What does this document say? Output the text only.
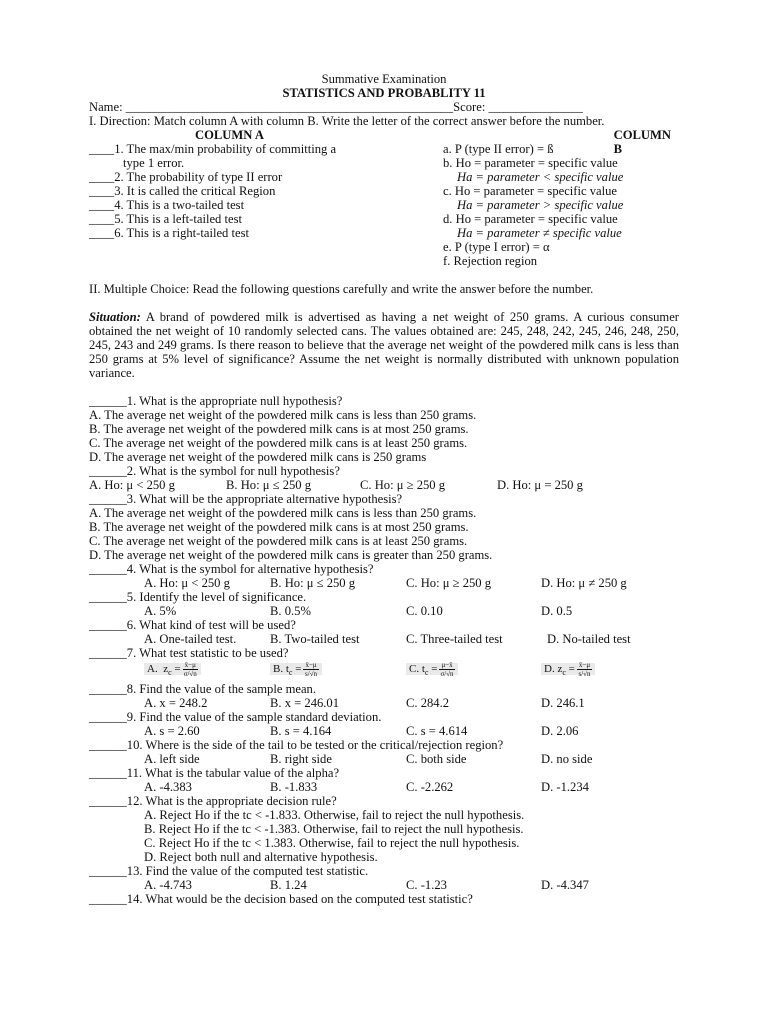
Summative Examination
STATISTICS AND PROBABLITY 11
Name: ____________________________________________________ Score: _______________
I. Direction: Match column A with column B. Write the letter of the correct answer before the number.
COLUMN A	COLUMN B
____1. The max/min probability of committing a
type 1 error.
____2. The probability of type II error
____3. It is called the critical Region
____4. This is a two-tailed test
____5. This is a left-tailed test
____6. This is a right-tailed test
a. P (type II error) = ß
b. Ho = parameter = specific value
Ha = parameter < specific value
c. Ho = parameter = specific value
Ha = parameter > specific value
d. Ho = parameter = specific value
Ha = parameter ≠ specific value
e. P (type I error) = α
f. Rejection region
II. Multiple Choice: Read the following questions carefully and write the answer before the number.
Situation: A brand of powdered milk is advertised as having a net weight of 250 grams. A curious consumer obtained the net weight of 10 randomly selected cans. The values obtained are: 245, 248, 242, 245, 246, 248, 250, 245, 243 and 249 grams. Is there reason to believe that the average net weight of the powdered milk cans is less than 250 grams at 5% level of significance? Assume the net weight is normally distributed with unknown population variance.
______1. What is the appropriate null hypothesis?
A. The average net weight of the powdered milk cans is less than 250 grams.
B. The average net weight of the powdered milk cans is at most 250 grams.
C. The average net weight of the powdered milk cans is at least 250 grams.
D. The average net weight of the powdered milk cans is 250 grams
______2. What is the symbol for null hypothesis?
A. Ho: μ < 250 g	B. Ho: μ ≤ 250 g	C. Ho: μ ≥ 250 g	D. Ho: μ = 250 g
______3. What will be the appropriate alternative hypothesis?
A. The average net weight of the powdered milk cans is less than 250 grams.
B. The average net weight of the powdered milk cans is at most 250 grams.
C. The average net weight of the powdered milk cans is at least 250 grams.
D. The average net weight of the powdered milk cans is greater than 250 grams.
______4. What is the symbol for alternative hypothesis?
A. Ho: μ < 250 g	B. Ho: μ ≤ 250 g	C. Ho: μ ≥ 250 g	D. Ho: μ ≠ 250 g
______5. Identify the level of significance.
A. 5%	B. 0.5%	C. 0.10	D. 0.5
______6. What kind of test will be used?
A. One-tailed test.	B. Two-tailed test	C. Three-tailed test	D. No-tailed test
______7. What test statistic to be used?
A. $z_c = \frac{x̄-\mu}{\sigma/√n}$	B. $t_c = \frac{x̄-\mu}{s/√n}$	C. $t_c = \frac{\mu-x̄}{\sigma/√n}$	D. $z_c = \frac{x̄-\mu}{s/√n}$
______8. Find the value of the sample mean.
A. x = 248.2	B. x = 246.01	C. 284.2	D. 246.1
______9. Find the value of the sample standard deviation.
A. s = 2.60	B. s = 4.164	C. s = 4.614	D. 2.06
______10. Where is the side of the tail to be tested or the critical/rejection region?
A. left side	B. right side	C. both side	D. no side
______11. What is the tabular value of the alpha?
A. -4.383	B. -1.833	C. -2.262	D. -1.234
______12. What is the appropriate decision rule?
A. Reject Ho if the tc < -1.833. Otherwise, fail to reject the null hypothesis.
B. Reject Ho if the tc < -1.383. Otherwise, fail to reject the null hypothesis.
C. Reject Ho if the tc < 1.383. Otherwise, fail to reject the null hypothesis.
D. Reject both null and alternative hypothesis.
______13. Find the value of the computed test statistic.
A. -4.743	B. 1.24	C. -1.23	D. -4.347
______14. What would be the decision based on the computed test statistic?
